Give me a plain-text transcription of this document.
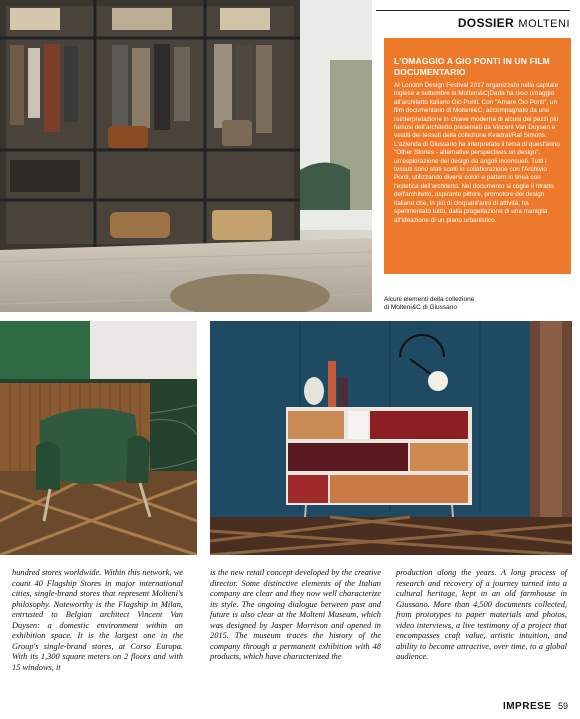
DOSSIER MOLTENI
L'OMAGGIO A GIO PONTI IN UN FILM DOCUMENTARIO
Al London Design Festival 2017 organizzato nella capitale inglese a settembre la Molteni&C|Dada ha reso omaggio all'architetto italiano Gio Ponti. Con "Amare Gio Ponti", un film documentario di Molteni&C, accompagnato da una reinterpretazione in chiave moderna di alcuni dei pezzi più famosi dell'architetto presentati da Vincent Van Duysen e vestiti dei tessuti della collezione Kvadrat/Raf Simons. L'azienda di Giussano ha interpretato il tema di quest'anno "Other Stories - alternative perspectives on design", un'esplorazione del design da angoli inconsueti. Tutti i tessuti sono stati scelti in collaborazione con l'Archivio Ponti, utilizzando diversi colori e pattern in linea con l'estetica dell'architetto. Nel documento si coglie il ritratto dell'architetto, aspirante pittore, promotore del design italiano che, in più di cinquant'anni di attività, ha sperimentato tutto, dalla progettazione di una maniglia all'ideazione di un piano urbanistico.
Alcuni elementi della collezione
di Molteni&C di Giussano
hundred stores worldwide. Within this network, we count 40 Flagship Stores in major international cities, single-brand stores that represent Molteni's philosophy. Noteworthy is the Flagship in Milan, entrusted to Belgian architect Vincent Van Duysen: a domestic environment within an exhibition space. It is the largest one in the Group's single-brand stores, at Corso Europa. With its 1,300 square meters on 2 floors and with 15 windows, it
is the new retail concept developed by the creative director. Some distinctive elements of the Italian company are clear and they now well characterize its style. The ongoing dialogue between past and future is also clear at the Molteni Museum, which was designed by Jasper Morrison and opened in 2015. The museum traces the history of the company through a permanent exhibition with 48 products, which have characterized the
production along the years. A long process of research and recovery of a journey turned into a cultural heritage, kept in an old farmhouse in Giussano. More than 4,500 documents collected, from prototypes to paper materials and photos, video interviews, a live testimony of a project that encompasses craft value, artistic intuition, and ability to become attractive, over time, to a global audience.
IMPRESE 59
